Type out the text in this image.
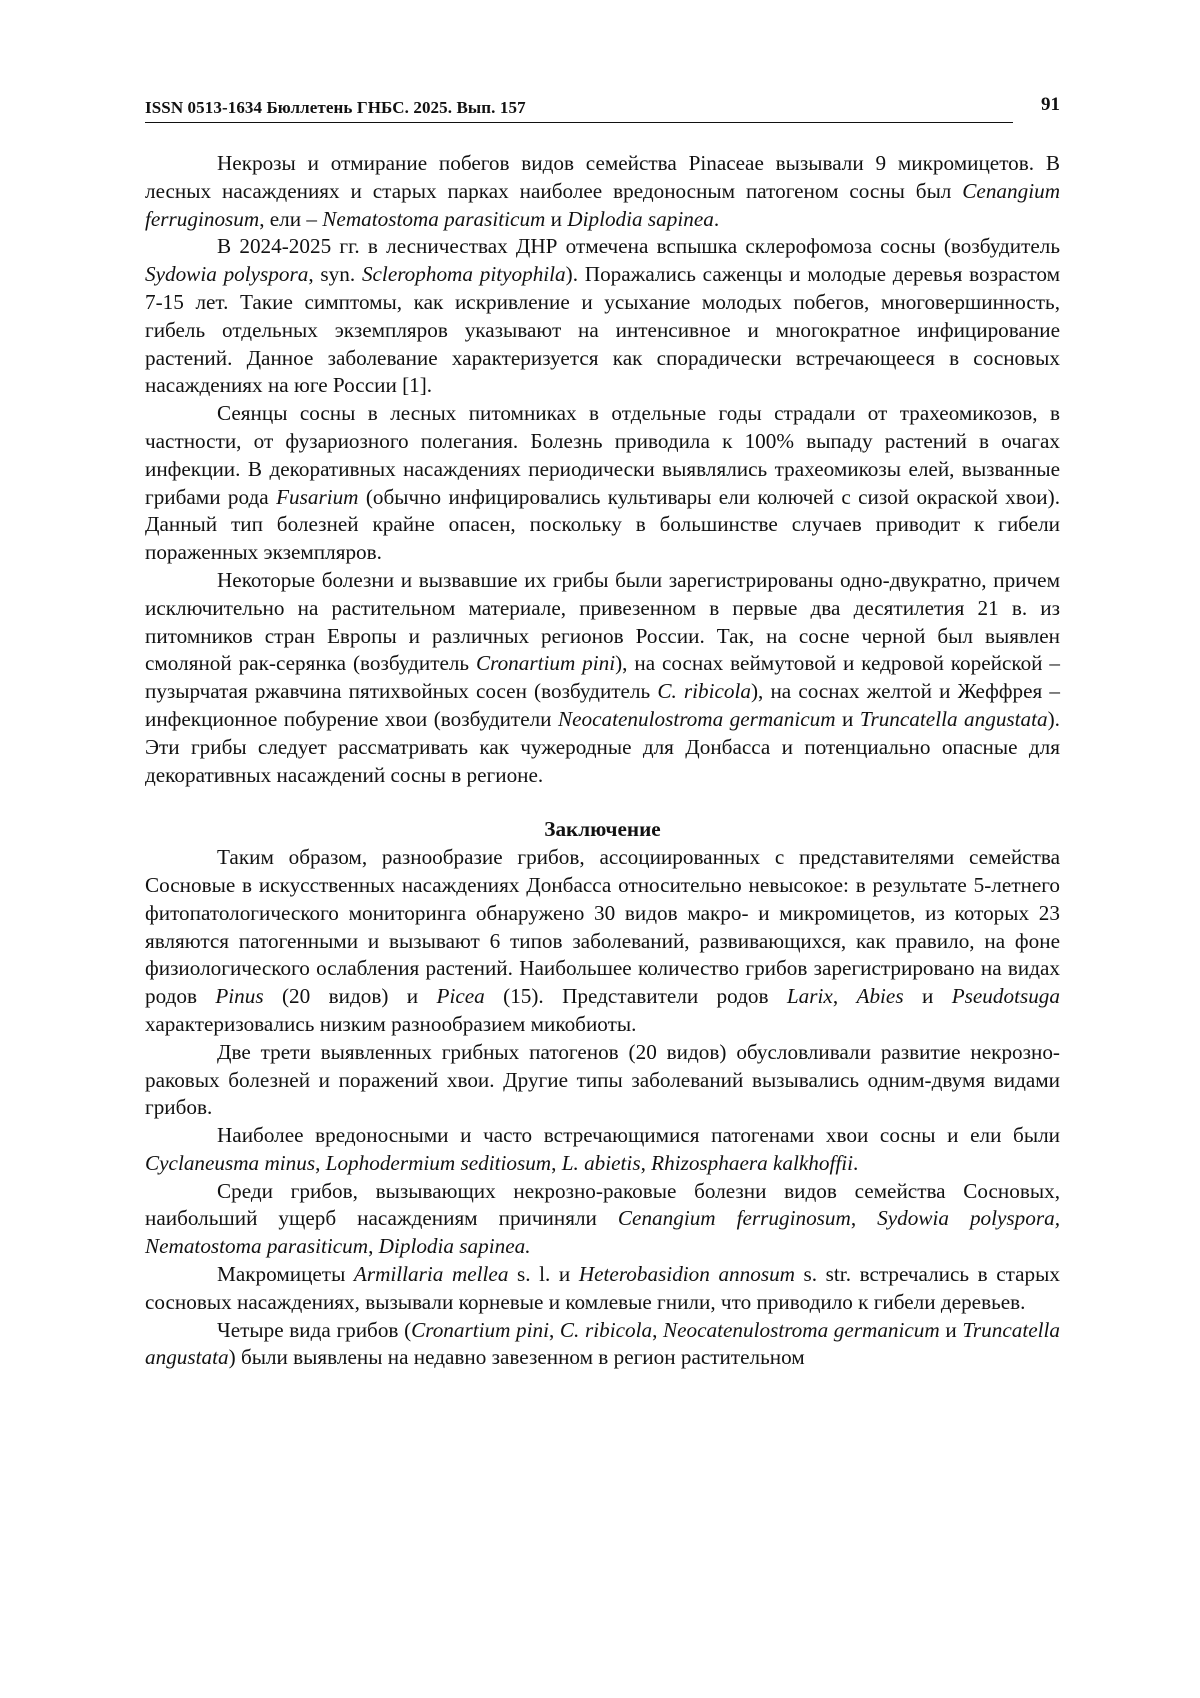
ISSN 0513-1634 Бюллетень ГНБС. 2025. Вып. 157	91

Некрозы и отмирание побегов видов семейства Pinaceae вызывали 9 микромицетов. В лесных насаждениях и старых парках наиболее вредоносным патогеном сосны был Cenangium ferruginosum, ели – Nematostoma parasiticum и Diplodia sapinea.

В 2024-2025 гг. в лесничествах ДНР отмечена вспышка склерофомоза сосны (возбудитель Sydowia polyspora, syn. Sclerophoma pityophila). Поражались саженцы и молодые деревья возрастом 7-15 лет. Такие симптомы, как искривление и усыхание молодых побегов, многовершинность, гибель отдельных экземпляров указывают на интенсивное и многократное инфицирование растений. Данное заболевание характеризуется как спорадически встречающееся в сосновых насаждениях на юге России [1].

Сеянцы сосны в лесных питомниках в отдельные годы страдали от трахеомикозов, в частности, от фузариозного полегания. Болезнь приводила к 100% выпаду растений в очагах инфекции. В декоративных насаждениях периодически выявлялись трахеомикозы елей, вызванные грибами рода Fusarium (обычно инфицировались культивары ели колючей с сизой окраской хвои). Данный тип болезней крайне опасен, поскольку в большинстве случаев приводит к гибели пораженных экземпляров.

Некоторые болезни и вызвавшие их грибы были зарегистрированы одно-двукратно, причем исключительно на растительном материале, привезенном в первые два десятилетия 21 в. из питомников стран Европы и различных регионов России. Так, на сосне черной был выявлен смоляной рак-серянка (возбудитель Cronartium pini), на соснах веймутовой и кедровой корейской – пузырчатая ржавчина пятихвойных сосен (возбудитель C. ribicola), на соснах желтой и Жеффрея – инфекционное побурение хвои (возбудители Neocatenulostroma germanicum и Truncatella angustata). Эти грибы следует рассматривать как чужеродные для Донбасса и потенциально опасные для декоративных насаждений сосны в регионе.

Заключение

Таким образом, разнообразие грибов, ассоциированных с представителями семейства Сосновые в искусственных насаждениях Донбасса относительно невысокое: в результате 5-летнего фитопатологического мониторинга обнаружено 30 видов макро- и микромицетов, из которых 23 являются патогенными и вызывают 6 типов заболеваний, развивающихся, как правило, на фоне физиологического ослабления растений. Наибольшее количество грибов зарегистрировано на видах родов Pinus (20 видов) и Picea (15). Представители родов Larix, Abies и Pseudotsuga характеризовались низким разнообразием микобиоты.

Две трети выявленных грибных патогенов (20 видов) обусловливали развитие некрозно-раковых болезней и поражений хвои. Другие типы заболеваний вызывались одним-двумя видами грибов.

Наиболее вредоносными и часто встречающимися патогенами хвои сосны и ели были Cyclaneusma minus, Lophodermium seditiosum, L. abietis, Rhizosphaera kalkhoffii.

Среди грибов, вызывающих некрозно-раковые болезни видов семейства Сосновых, наибольший ущерб насаждениям причиняли Cenangium ferruginosum, Sydowia polyspora, Nematostoma parasiticum, Diplodia sapinea.

Макромицеты Armillaria mellea s. l. и Heterobasidion annosum s. str. встречались в старых сосновых насаждениях, вызывали корневые и комлевые гнили, что приводило к гибели деревьев.

Четыре вида грибов (Cronartium pini, C. ribicola, Neocatenulostroma germanicum и Truncatella angustata) были выявлены на недавно завезенном в регион растительном
